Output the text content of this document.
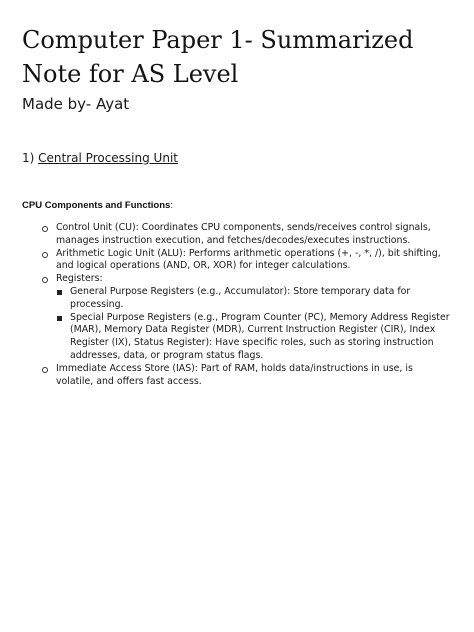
Computer Paper 1- Summarized Note for AS Level
Made by- Ayat
1) Central Processing Unit
CPU Components and Functions:
Control Unit (CU): Coordinates CPU components, sends/receives control signals, manages instruction execution, and fetches/decodes/executes instructions.
Arithmetic Logic Unit (ALU): Performs arithmetic operations (+, -, *, /), bit shifting, and logical operations (AND, OR, XOR) for integer calculations.
Registers:
General Purpose Registers (e.g., Accumulator): Store temporary data for processing.
Special Purpose Registers (e.g., Program Counter (PC), Memory Address Register (MAR), Memory Data Register (MDR), Current Instruction Register (CIR), Index Register (IX), Status Register): Have specific roles, such as storing instruction addresses, data, or program status flags.
Immediate Access Store (IAS): Part of RAM, holds data/instructions in use, is volatile, and offers fast access.
